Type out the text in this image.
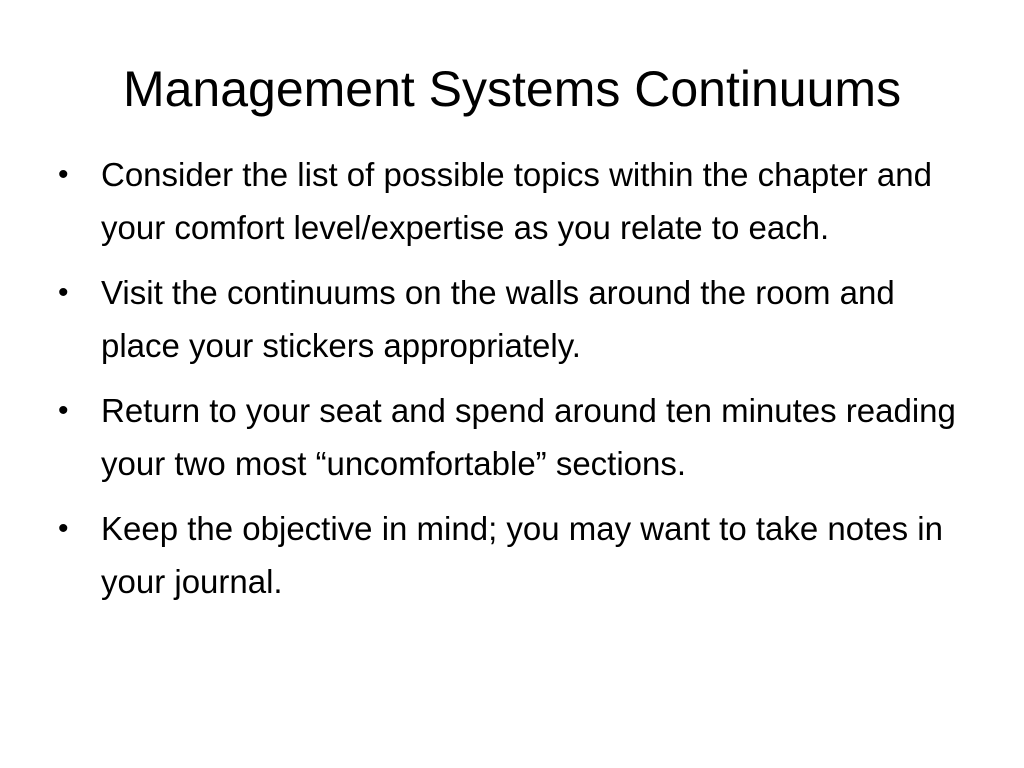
Management Systems Continuums
• Consider the list of possible topics within the chapter and your comfort level/expertise as you relate to each.
• Visit the continuums on the walls around the room and place your stickers appropriately.
• Return to your seat and spend around ten minutes reading your two most “uncomfortable” sections.
• Keep the objective in mind; you may want to take notes in your journal.
